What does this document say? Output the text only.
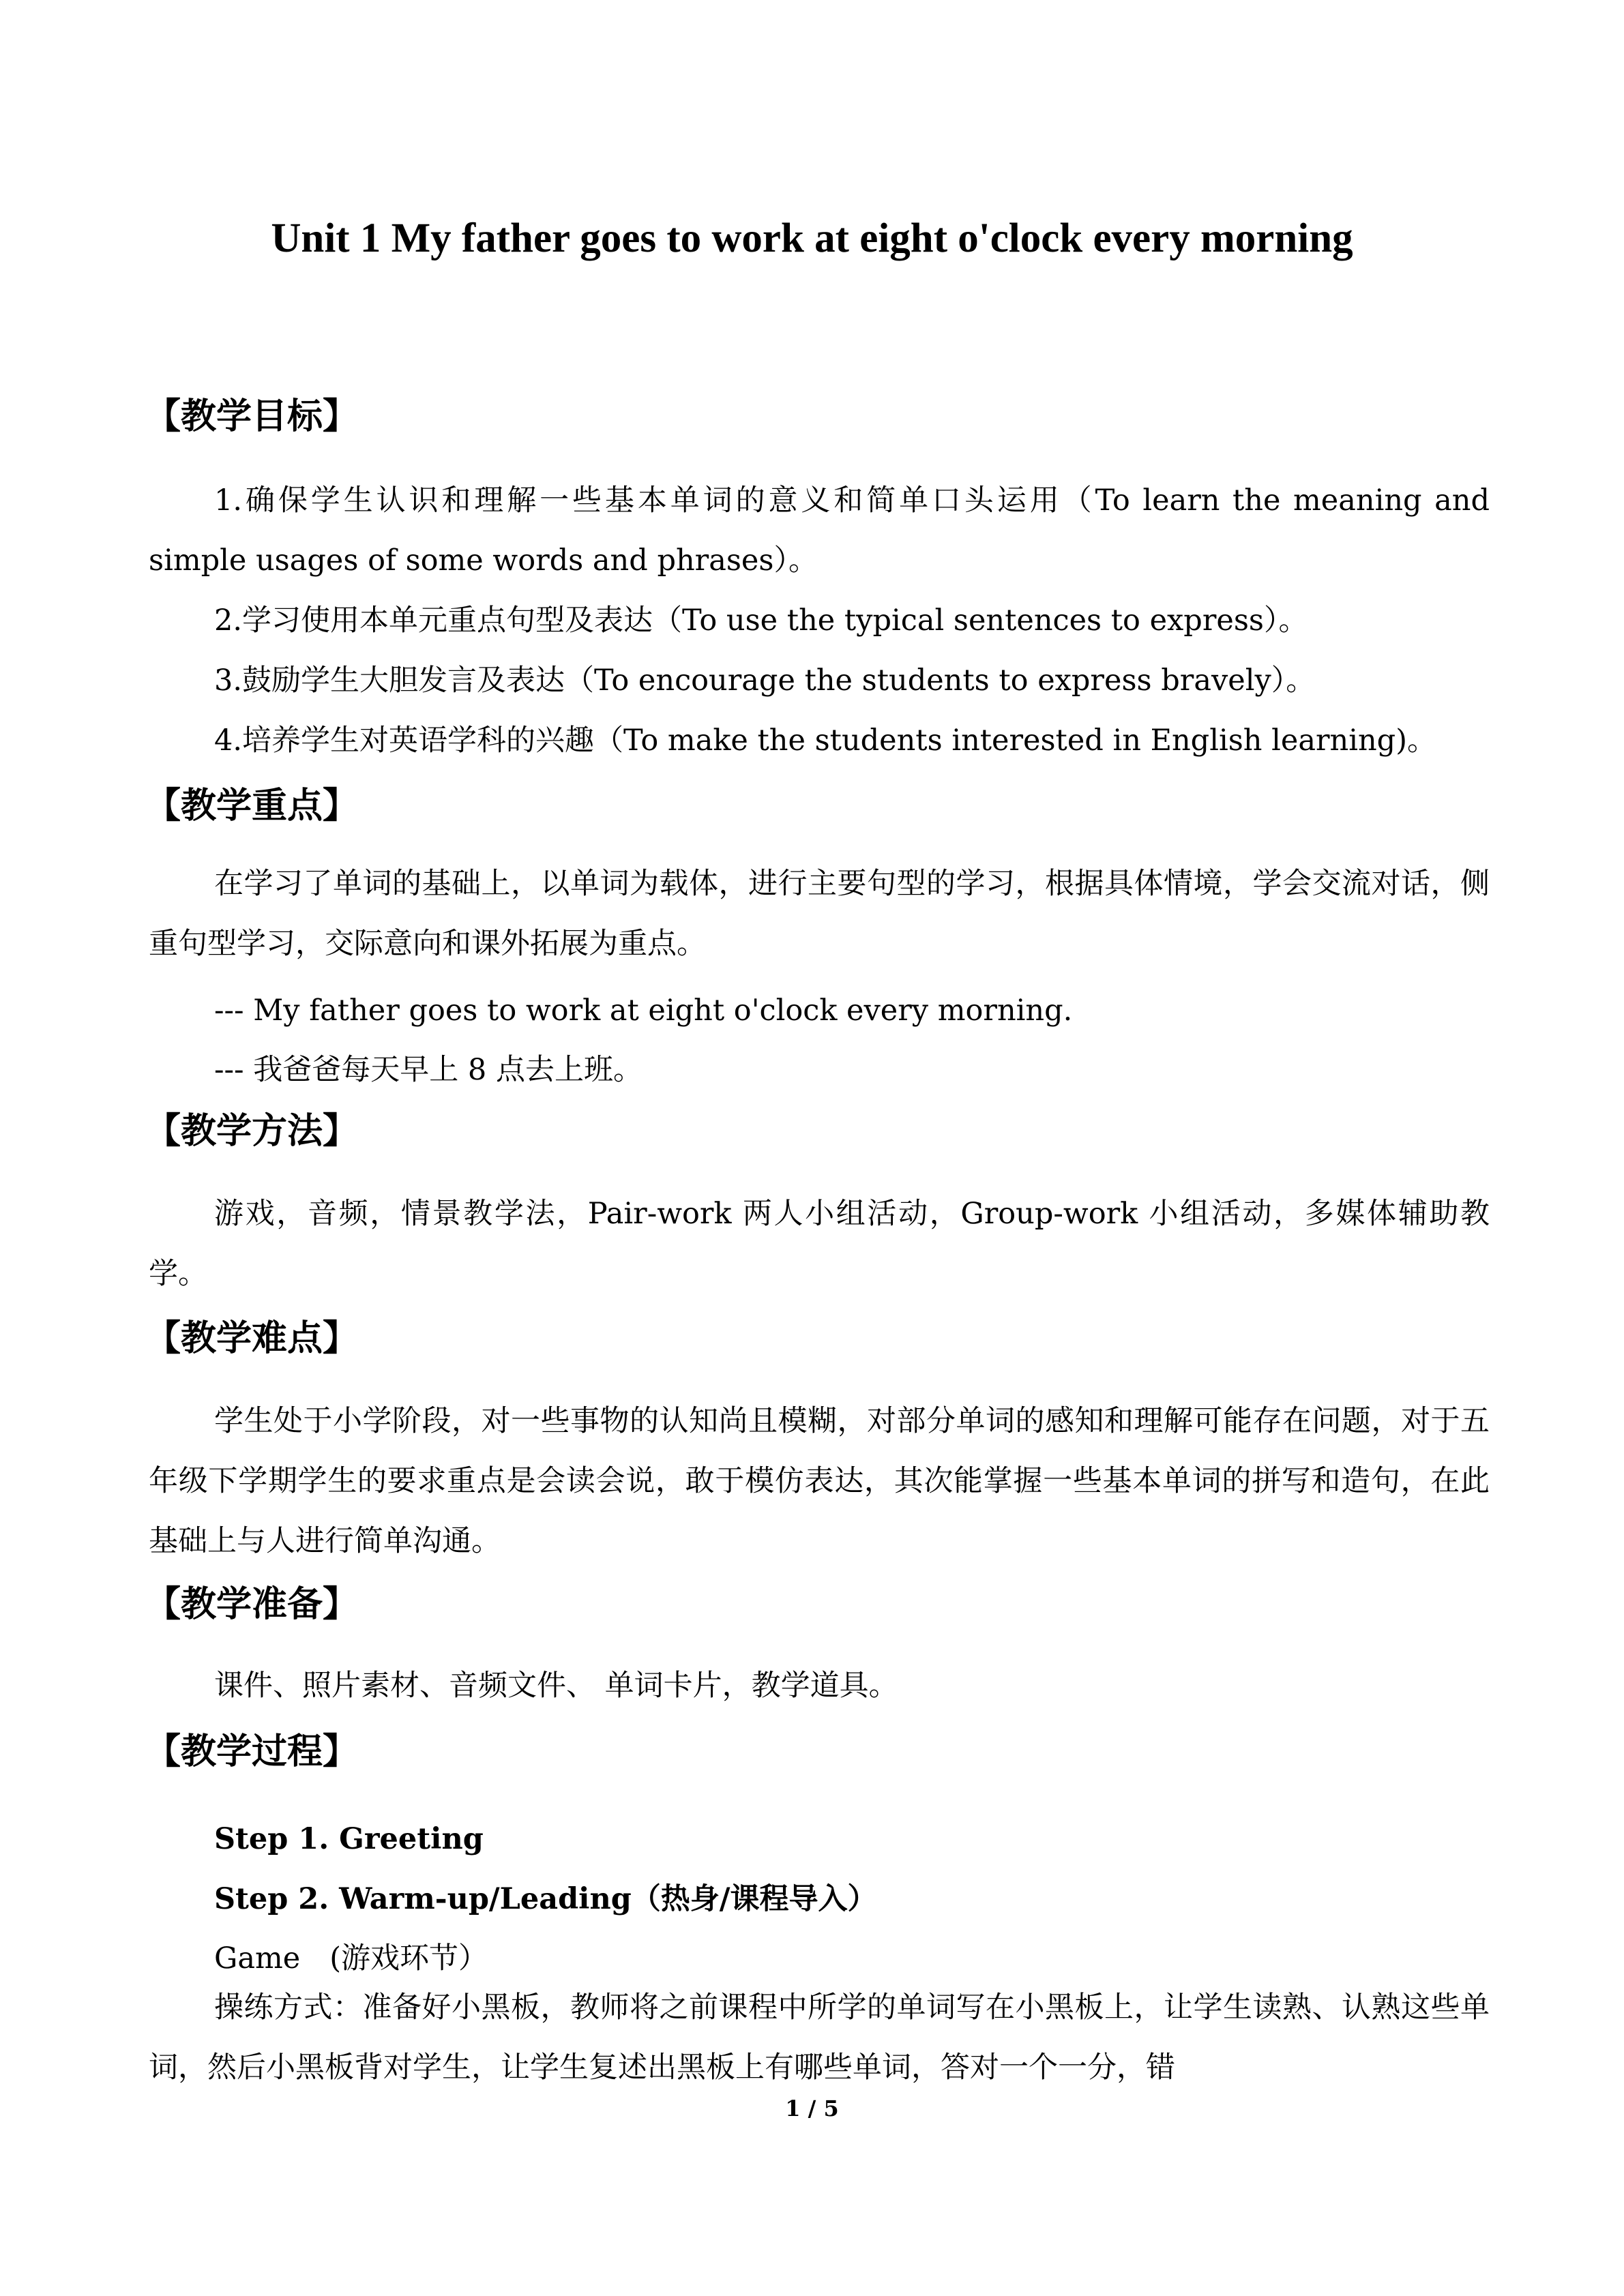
Unit 1 My father goes to work at eight o'clock every morning
【教学目标】

1.确保学生认识和理解一些基本单词的意义和简单口头运用（To learn the meaning and simple usages of some words and phrases）。

2.学习使用本单元重点句型及表达（To use the typical sentences to express）。

3.鼓励学生大胆发言及表达（To encourage the students to express bravely）。

4.培养学生对英语学科的兴趣（To make the students interested in English learning)。

【教学重点】

在学习了单词的基础上，以单词为载体，进行主要句型的学习，根据具体情境，学会交流对话，侧重句型学习，交际意向和课外拓展为重点。

--- My father goes to work at eight o'clock every morning.
--- 我爸爸每天早上 8 点去上班。
【教学方法】

游戏，音频，情景教学法，Pair-work 两人小组活动，Group-work 小组活动，多媒体辅助教学。

【教学难点】

学生处于小学阶段，对一些事物的认知尚且模糊，对部分单词的感知和理解可能存在问题，对于五年级下学期学生的要求重点是会读会说，敢于模仿表达，其次能掌握一些基本单词的拼写和造句，在此基础上与人进行简单沟通。

【教学准备】

课件、照片素材、音频文件、 单词卡片，教学道具。

【教学过程】
Step 1. Greeting
Step 2. Warm-up/Leading（热身/课程导入）
Game　(游戏环节）

操练方式：准备好小黑板，教师将之前课程中所学的单词写在小黑板上，让学生读熟、认熟这些单词，然后小黑板背对学生，让学生复述出黑板上有哪些单词，答对一个一分，错

1 / 5
